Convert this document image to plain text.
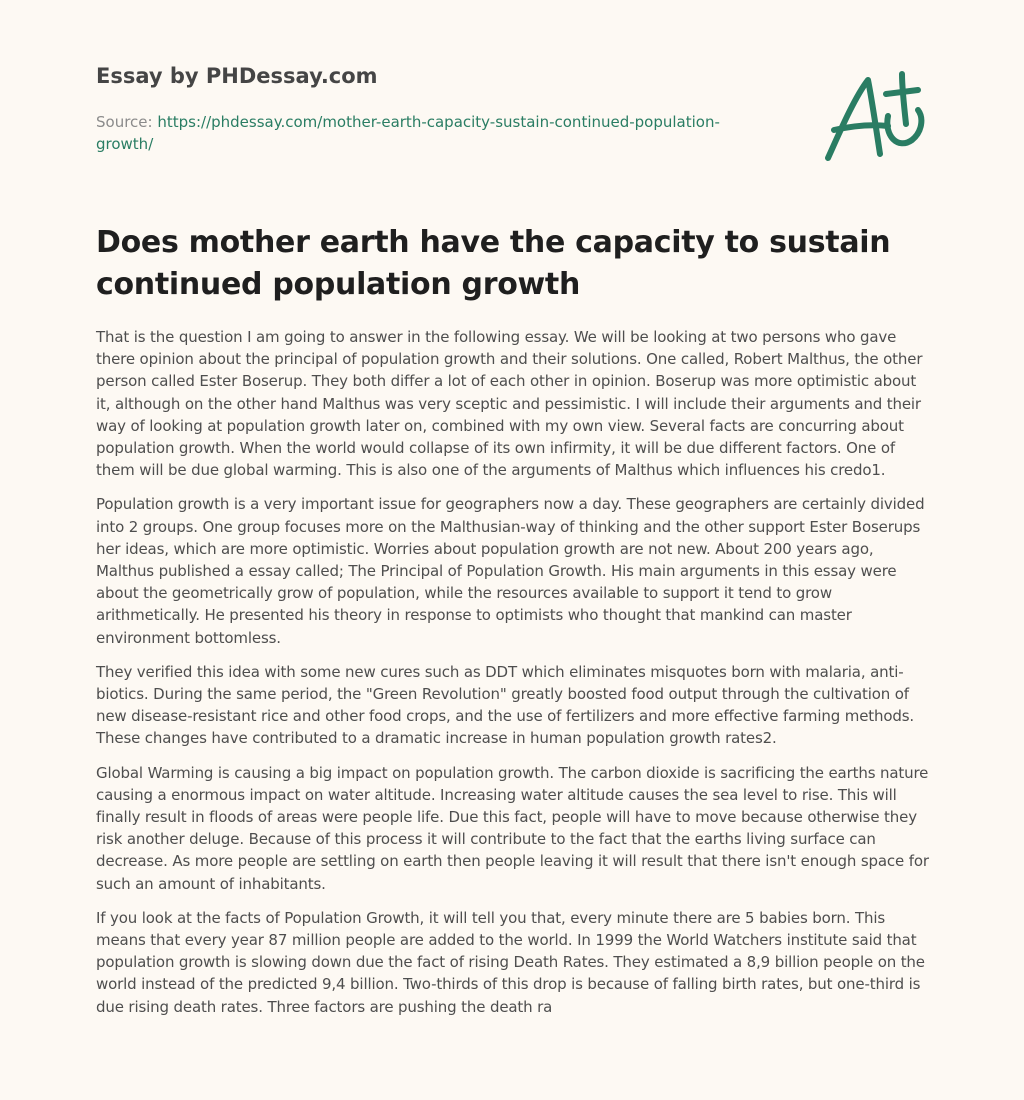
Essay by PHDessay.com
Source: https://phdessay.com/mother-earth-capacity-sustain-continued-population-
growth/
Does mother earth have the capacity to sustain continued population growth

That is the question I am going to answer in the following essay. We will be looking at two persons who gave there opinion about the principal of population growth and their solutions. One called, Robert Malthus, the other person called Ester Boserup. They both differ a lot of each other in opinion. Boserup was more optimistic about it, although on the other hand Malthus was very sceptic and pessimistic. I will include their arguments and their way of looking at population growth later on, combined with my own view. Several facts are concurring about population growth. When the world would collapse of its own infirmity, it will be due different factors. One of them will be due global warming. This is also one of the arguments of Malthus which influences his credo1.

Population growth is a very important issue for geographers now a day. These geographers are certainly divided into 2 groups. One group focuses more on the Malthusian-way of thinking and the other support Ester Boserups her ideas, which are more optimistic. Worries about population growth are not new. About 200 years ago, Malthus published a essay called; The Principal of Population Growth. His main arguments in this essay were about the geometrically grow of population, while the resources available to support it tend to grow arithmetically. He presented his theory in response to optimists who thought that mankind can master environment bottomless.

They verified this idea with some new cures such as DDT which eliminates misquotes born with malaria, anti-biotics. During the same period, the "Green Revolution" greatly boosted food output through the cultivation of new disease-resistant rice and other food crops, and the use of fertilizers and more effective farming methods. These changes have contributed to a dramatic increase in human population growth rates2.

Global Warming is causing a big impact on population growth. The carbon dioxide is sacrificing the earths nature causing a enormous impact on water altitude. Increasing water altitude causes the sea level to rise. This will finally result in floods of areas were people life. Due this fact, people will have to move because otherwise they risk another deluge. Because of this process it will contribute to the fact that the earths living surface can decrease. As more people are settling on earth then people leaving it will result that there isn't enough space for such an amount of inhabitants.

If you look at the facts of Population Growth, it will tell you that, every minute there are 5 babies born. This means that every year 87 million people are added to the world. In 1999 the World Watchers institute said that population growth is slowing down due the fact of rising Death Rates. They estimated a 8,9 billion people on the world instead of the predicted 9,4 billion. Two-thirds of this drop is because of falling birth rates, but one-third is due rising death rates. Three factors are pushing the death ra
